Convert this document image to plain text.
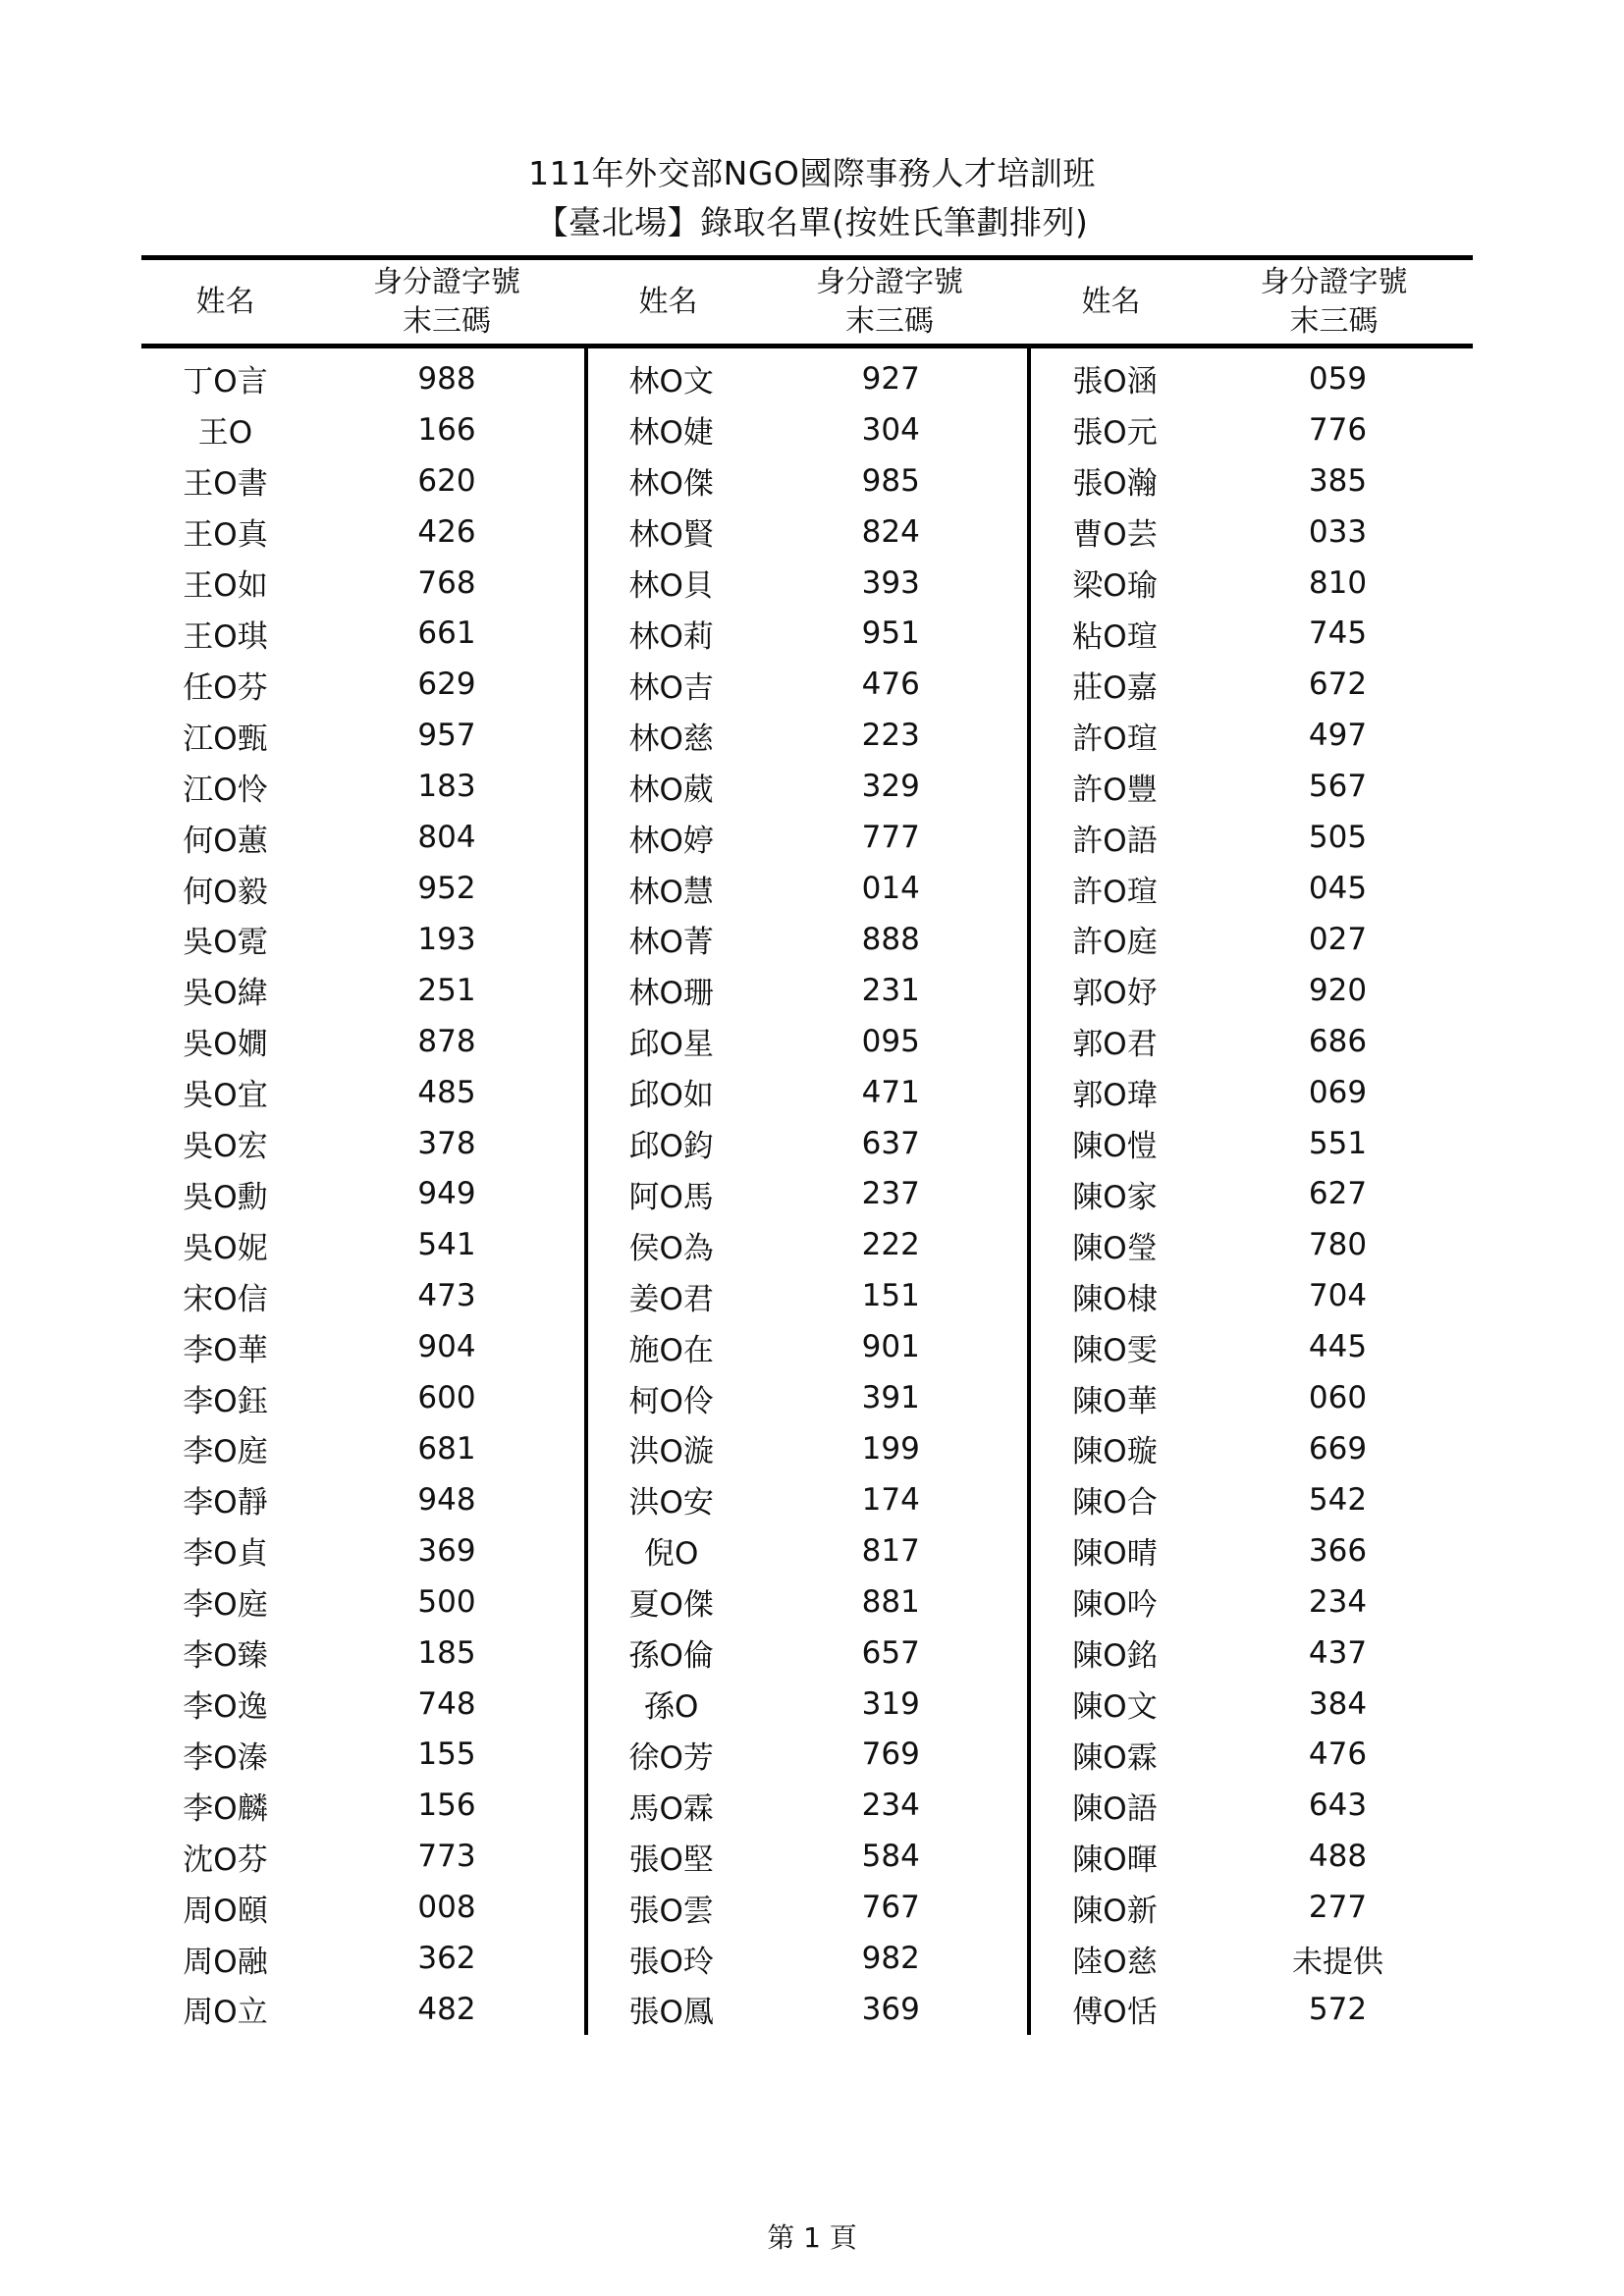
111年外交部NGO國際事務人才培訓班
【臺北場】錄取名單(按姓氏筆劃排列)
姓名
身分證字號
末三碼
姓名
身分證字號
末三碼
姓名
身分證字號
末三碼
丁O言
王O
王O書
王O真
王O如
王O琪
任O芬
江O甄
江O怜
何O蕙
何O毅
吳O霓
吳O緯
吳O嫺
吳O宜
吳O宏
吳O勳
吳O妮
宋O信
李O華
李O鈺
李O庭
李O靜
李O貞
李O庭
李O臻
李O逸
李O溱
李O麟
沈O芬
周O頤
周O融
周O立
988
166
620
426
768
661
629
957
183
804
952
193
251
878
485
378
949
541
473
904
600
681
948
369
500
185
748
155
156
773
008
362
482
林O文
林O婕
林O傑
林O賢
林O貝
林O莉
林O吉
林O慈
林O葳
林O婷
林O慧
林O菁
林O珊
邱O星
邱O如
邱O鈞
阿O馬
侯O為
姜O君
施O在
柯O伶
洪O漩
洪O安
倪O
夏O傑
孫O倫
孫O
徐O芳
馬O霖
張O堅
張O雲
張O玲
張O鳳
927
304
985
824
393
951
476
223
329
777
014
888
231
095
471
637
237
222
151
901
391
199
174
817
881
657
319
769
234
584
767
982
369
張O涵
張O元
張O瀚
曹O芸
梁O瑜
粘O瑄
莊O嘉
許O瑄
許O豐
許O語
許O瑄
許O庭
郭O妤
郭O君
郭O瑋
陳O愷
陳O家
陳O瑩
陳O棣
陳O雯
陳O華
陳O璇
陳O合
陳O晴
陳O吟
陳O銘
陳O文
陳O霖
陳O語
陳O暉
陳O新
陸O慈
傅O恬
059
776
385
033
810
745
672
497
567
505
045
027
920
686
069
551
627
780
704
445
060
669
542
366
234
437
384
476
643
488
277
未提供
572
第 1 頁
